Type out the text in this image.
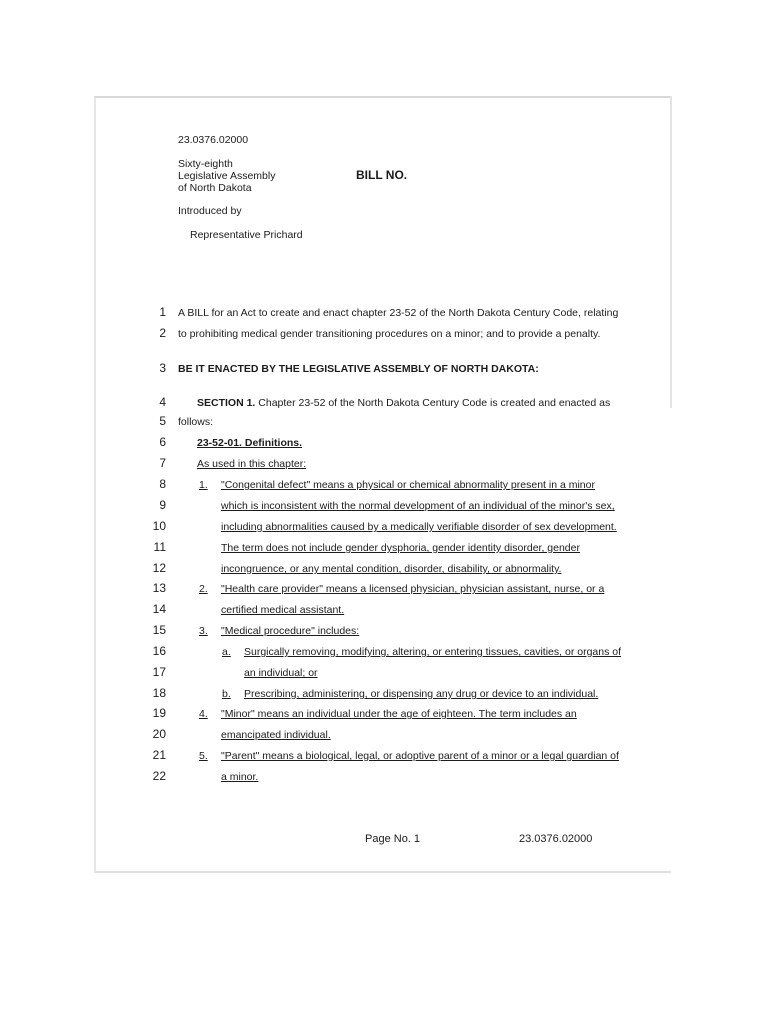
23.0376.02000
Sixty-eighth
Legislative Assembly
of North Dakota
BILL NO.
Introduced by
Representative Prichard
1 A BILL for an Act to create and enact chapter 23-52 of the North Dakota Century Code, relating
2 to prohibiting medical gender transitioning procedures on a minor; and to provide a penalty.
3 BE IT ENACTED BY THE LEGISLATIVE ASSEMBLY OF NORTH DAKOTA:
4	SECTION 1. Chapter 23-52 of the North Dakota Century Code is created and enacted as
5 follows:
6	23-52-01. Definitions.
7	As used in this chapter:
8	1. "Congenital defect" means a physical or chemical abnormality present in a minor
9	which is inconsistent with the normal development of an individual of the minor's sex,
10	including abnormalities caused by a medically verifiable disorder of sex development.
11	The term does not include gender dysphoria, gender identity disorder, gender
12	incongruence, or any mental condition, disorder, disability, or abnormality.
13	2. "Health care provider" means a licensed physician, physician assistant, nurse, or a
14	certified medical assistant.
15	3. "Medical procedure" includes:
16	a. Surgically removing, modifying, altering, or entering tissues, cavities, or organs of
17	an individual; or
18	b. Prescribing, administering, or dispensing any drug or device to an individual.
19	4. "Minor" means an individual under the age of eighteen. The term includes an
20	emancipated individual.
21	5. "Parent" means a biological, legal, or adoptive parent of a minor or a legal guardian of
22	a minor.
Page No. 1	23.0376.02000
